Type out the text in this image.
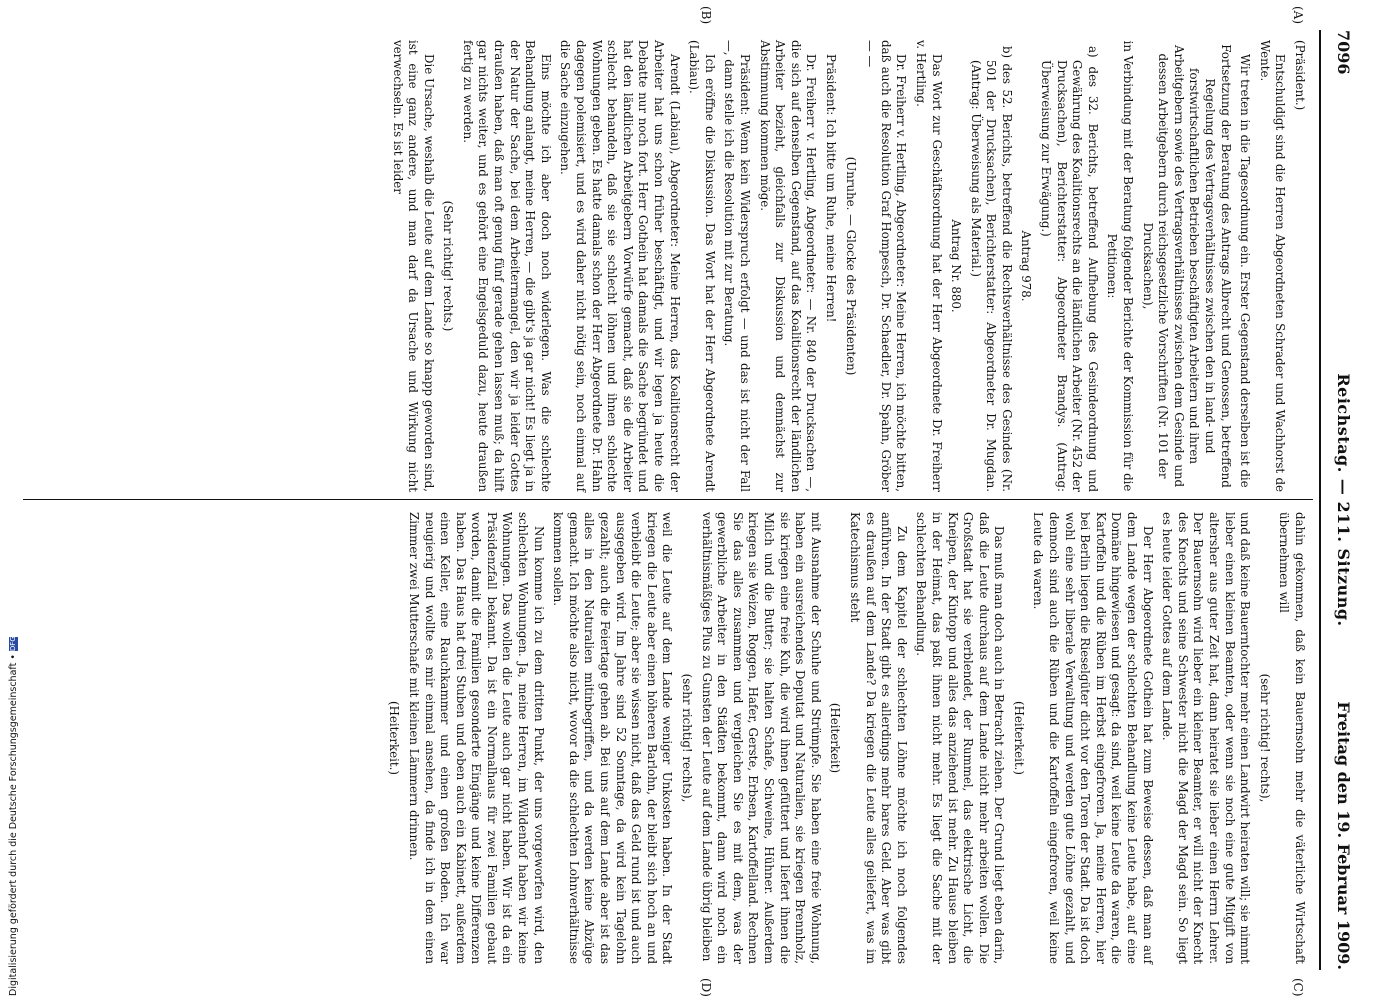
7096
Reichstag. — 211. Sitzung.
Freitag den 19. Februar 1909.
(A)
(B)
(C)
(D)

(Präsident.)

Entschuldigt sind die Herren Abgeordneten Schrader und Wachhorst de Wente.

Wir treten in die Tagesordnung ein. Erster Gegenstand derselben ist die

Fortsetzung der Beratung des Antrags Albrecht und Genossen, betreffend Regelung des Vertragsverhältnisses zwischen den in land- und forstwirtschaftlichen Betrieben beschäftigten Arbeitern und ihren Arbeitgebern sowie des Vertragsverhältnisses zwischen dem Gesinde und dessen Arbeitgebern durch reichsgesetzliche Vorschriften (Nr. 101 der Drucksachen),

in Verbindung mit der Beratung folgender Berichte der Kommission für die Petitionen:

a) des 32. Berichts, betreffend Aufhebung des Gesindeordnung und Gewährung des Koalitionsrechts an die ländlichen Arbeiter (Nr. 452 der Drucksachen), Berichterstatter: Abgeordneter Brandys. (Antrag: Überweisung zur Erwägung.)

Antrag 978.

b) des 52. Berichts, betreffend die Rechtsverhältnisse des Gesindes (Nr. 501 der Drucksachen), Berichterstatter: Abgeordneter Dr. Mugdan. (Antrag: Überweisung als Material.)

Antrag Nr. 880.

Das Wort zur Geschäftsordnung hat der Herr Abgeordnete Dr. Freiherr v. Hertling.

Dr. Freiherr v. Hertling, Abgeordneter: Meine Herren, ich möchte bitten, daß auch die Resolution Graf Hompesch, Dr. Schaedler, Dr. Spahn, Gröber — —

(Unruhe. — Glocke des Präsidenten)

Präsident: Ich bitte um Ruhe, meine Herren!

Dr. Freiherr v. Hertling, Abgeordneter: — Nr. 840 der Drucksachen —, die sich auf denselben Gegenstand, auf das Koalitionsrecht der ländlichen Arbeiter bezieht, gleichfalls zur Diskussion und demnächst zur Abstimmung kommen möge.

Präsident: Wenn kein Widerspruch erfolgt — und das ist nicht der Fall —, dann stelle ich die Resolution mit zur Beratung.

Ich eröffne die Diskussion. Das Wort hat der Herr Abgeordnete Arendt (Labiau).

Arendt (Labiau), Abgeordneter: Meine Herren, das Koalitionsrecht der Arbeiter hat uns schon früher beschäftigt, und wir legen ja heute die Debatte nur noch fort. Herr Gothein hat damals die Sache begründet und hat den ländlichen Arbeitgebern Vorwürfe gemacht, daß sie die Arbeiter schlecht behandeln, daß sie sie schlecht löhnen und ihnen schlechte Wohnungen geben. Es hatte damals schon der Herr Abgeordnete Dr. Hahn dagegen polemisiert, und es wird daher nicht nötig sein, noch einmal auf die Sache einzugehen.

Eins möchte ich aber doch noch widerlegen. Was die schlechte Behandlung anlangt, meine Herren, — die gibt's ja gar nicht! Es liegt ja in der Natur der Sache, bei dem Arbeitermangel, den wir ja leider Gottes draußen haben, daß man oft genug fünf gerade gehen lassen muß; da hilft gar nichts weiter, und es gehört eine Engelsgeduld dazu, heute draußen fertig zu werden.

(Sehr richtig! rechts.)

Die Ursache, weshalb die Leute auf dem Lande so knapp geworden sind, ist eine ganz andere, und man darf da Ursache und Wirkung nicht verwechseln. Es ist leider

dahin gekommen, daß kein Bauernsohn mehr die väterliche Wirtschaft übernehmen will

(sehr richtig! rechts),

und daß keine Bauerntochter mehr einen Landwirt heiraten will; sie nimmt lieber einen kleinen Beamten, oder wenn sie noch eine gute Mitgift von altersher aus guter Zeit hat, dann heiratet sie lieber einen Herrn Lehrer. Der Bauernsohn wird lieber ein kleiner Beamter, er will nicht der Knecht des Knechts und seine Schwester nicht die Magd der Magd sein. So liegt es heute leider Gottes auf dem Lande.

Der Herr Abgeordnete Gothein hat zum Beweise dessen, daß man auf dem Lande wegen der schlechten Behandlung keine Leute habe, auf eine Domäne hingewiesen und gesagt: da sind, weil keine Leute da waren, die Kartoffeln und die Rüben im Herbst eingefroren. Ja, meine Herren, hier bei Berlin liegen die Rieselgüter dicht vor den Toren der Stadt. Da ist doch wohl eine sehr liberale Verwaltung und werden gute Löhne gezahlt, und dennoch sind auch die Rüben und die Kartoffeln eingefroren, weil keine Leute da waren.

(Heiterkeit.)

Das muß man doch auch in Betracht ziehen. Der Grund liegt eben darin, daß die Leute durchaus auf dem Lande nicht mehr arbeiten wollen. Die Großstadt hat sie verblendet, der Rummel, das elektrische Licht, die Kneipen, der Kintopp und alles das anziehend ist mehr. Zu Hause bleiben in der Heimat, das paßt ihnen nicht mehr. Es liegt die Sache mit der schlechten Behandlung.

Zu dem Kapitel der schlechten Löhne möchte ich noch folgendes anführen. In der Stadt gibt es allerdings mehr bares Geld. Aber was gibt es draußen auf dem Lande? Da kriegen die Leute alles geliefert, was im Katechismus steht

(Heiterkeit)

mit Ausnahme der Schuhe und Strümpfe. Sie haben eine freie Wohnung, haben ein ausreichendes Deputat und Naturalien, sie kriegen Brennholz, sie kriegen eine freie Kuh, die wird ihnen gefüttert und liefert ihnen die Milch und die Butter; sie halten Schafe, Schweine, Hühner. Außerdem kriegen sie Weizen, Roggen, Hafer, Gerste, Erbsen, Kartoffelland. Rechnen Sie das alles zusammen und vergleichen Sie es mit dem, was der gewerbliche Arbeiter in den Städten bekommt, dann wird noch ein verhältnismäßiges Plus zu Gunsten der Leute auf dem Lande übrig bleiben

(sehr richtig! rechts),

weil die Leute auf dem Lande weniger Unkosten haben. In der Stadt kriegen die Leute aber einen höheren Barlohn, der bleibt sich hoch an und verbleibt die Leute; aber sie wissen nicht, daß das Geld rund ist und auch ausgegeben wird. Im Jahre sind 52 Sonntage, da wird kein Tagelohn gezahlt; auch die Feiertage gehen ab. Bei uns auf dem Lande aber ist das alles in den Naturalien mitinbegriffen, und da werden keine Abzüge gemacht. Ich möchte also nicht, wovor da die schlechten Lohnverhältnisse kommen sollen.

Nun komme ich zu dem dritten Punkt, der uns vorgeworfen wird, den schlechten Wohnungen. Ja, meine Herren, im Wildenhof haben wir keine Wohnungen. Das wollen die Leute auch gar nicht haben. Wir ist da ein Präsidenzfall bekannt. Da ist ein Normalhaus für zwei Familien gebaut worden, damit die Familien gesonderte Eingänge und keine Differenzen haben. Das Haus hat drei Stuben und oben auch ein Kabinett, außerdem einen Keller, eine Rauchkammer und einen großen Boden. Ich war neugierig und wollte es mir einmal ansehen, da finde ich in dem einen Zimmer zwei Mutterschafe mit kleinen Lämmern drinnen.

(Heiterkeit.)

Digitalisierung gefördert durch die Deutsche Forschungsgemeinschaft •DFG
